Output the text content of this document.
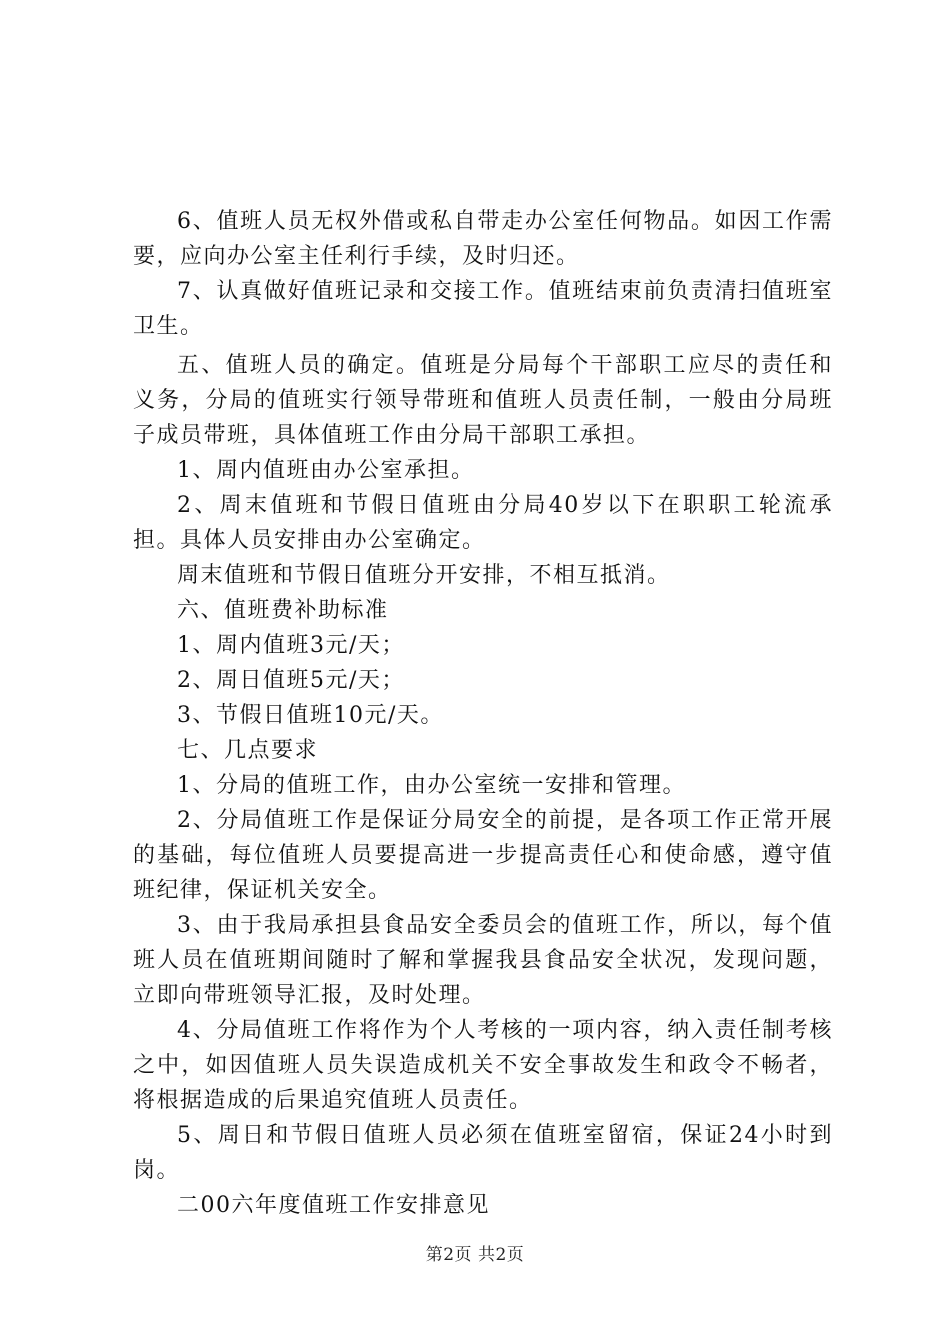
6、值班人员无权外借或私自带走办公室任何物品。如因工作需要，应向办公室主任利行手续，及时归还。

7、认真做好值班记录和交接工作。值班结束前负责清扫值班室卫生。

五、值班人员的确定。值班是分局每个干部职工应尽的责任和义务，分局的值班实行领导带班和值班人员责任制，一般由分局班子成员带班，具体值班工作由分局干部职工承担。

1、周内值班由办公室承担。

2、周末值班和节假日值班由分局40岁以下在职职工轮流承担。具体人员安排由办公室确定。

周末值班和节假日值班分开安排，不相互抵消。

六、值班费补助标准

1、周内值班3元/天；

2、周日值班5元/天；

3、节假日值班10元/天。

七、几点要求

1、分局的值班工作，由办公室统一安排和管理。

2、分局值班工作是保证分局安全的前提，是各项工作正常开展的基础，每位值班人员要提高进一步提高责任心和使命感，遵守值班纪律，保证机关安全。

3、由于我局承担县食品安全委员会的值班工作，所以，每个值班人员在值班期间随时了解和掌握我县食品安全状况，发现问题，立即向带班领导汇报，及时处理。

4、分局值班工作将作为个人考核的一项内容，纳入责任制考核之中，如因值班人员失误造成机关不安全事故发生和政令不畅者，将根据造成的后果追究值班人员责任。

5、周日和节假日值班人员必须在值班室留宿，保证24小时到岗。

二00六年度值班工作安排意见

第2页 共2页
